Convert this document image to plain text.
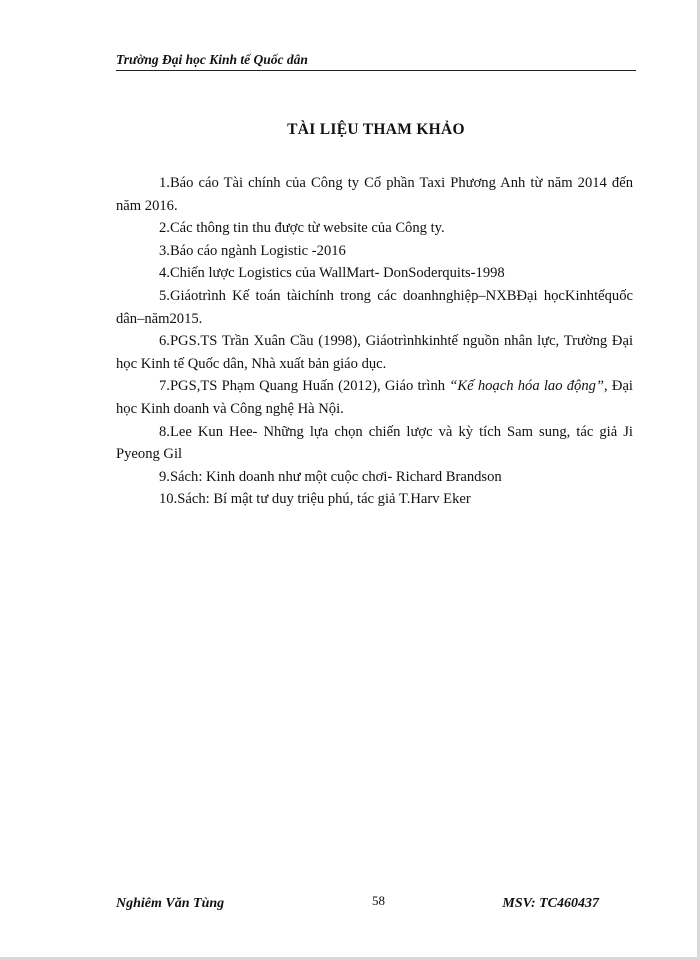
Trường Đại học Kinh tế Quốc dân
TÀI LIỆU THAM KHẢO

1.Báo cáo Tài chính của Công ty Cổ phần Taxi Phương Anh từ năm 2014 đến năm 2016.

2.Các thông tin thu được từ website của Công ty.

3.Báo cáo ngành Logistic -2016

4.Chiến lược Logistics của WallMart- DonSoderquits-1998

5.Giáotrình Kế toán tàichính trong các doanhnghiệp–NXBĐại họcKinhtếquốc dân–năm2015.

6.PGS.TS Trần Xuân Cầu (1998), Giáotrìnhkinhtế nguồn nhân lực, Trường Đại học Kinh tế Quốc dân, Nhà xuất bản giáo dục.

7.PGS,TS Phạm Quang Huấn (2012), Giáo trình “Kế hoạch hóa lao động”, Đại học Kinh doanh và Công nghệ Hà Nội.

8.Lee Kun Hee- Những lựa chọn chiến lược và kỳ tích Sam sung, tác giả Ji Pyeong Gil

9.Sách: Kinh doanh như một cuộc chơi- Richard Brandson

10.Sách: Bí mật tư duy triệu phú, tác giả T.Harv Eker

Nghiêm Văn Tùng	58	MSV: TC460437
